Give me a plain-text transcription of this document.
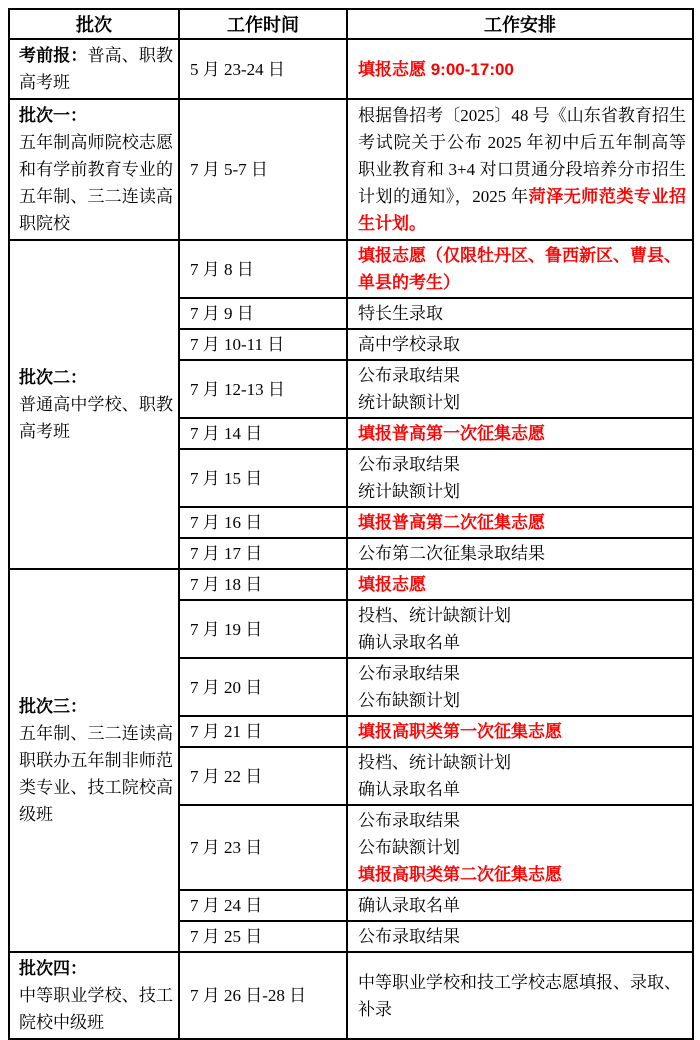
批次	工作时间	工作安排
考前报：普高、职教高考班	5 月 23-24 日	填报志愿 9:00-17:00

批次一：
五年制高师院校志愿和有学前教育专业的五年制、三二连读高职院校	7 月 5-7 日	根据鲁招考〔2025〕48 号《山东省教育招生考试院关于公布 2025 年初中后五年制高等职业教育和 3+4 对口贯通分段培养分市招生计划的通知》，2025 年菏泽无师范类专业招生计划。

批次二：
普通高中学校、职教高考班	7 月 8 日	填报志愿（仅限牡丹区、鲁西新区、曹县、单县的考生）

	7 月 9 日	特长生录取

	7 月 10-11 日	高中学校录取

	7 月 12-13 日	公布录取结果
统计缺额计划

	7 月 14 日	填报普高第一次征集志愿

	7 月 15 日	公布录取结果
统计缺额计划

	7 月 16 日	填报普高第二次征集志愿

	7 月 17 日	公布第二次征集录取结果

批次三：
五年制、三二连读高职联办五年制非师范类专业、技工院校高级班	7 月 18 日	填报志愿

	7 月 19 日	投档、统计缺额计划
确认录取名单

	7 月 20 日	公布录取结果
公布缺额计划

	7 月 21 日	填报高职类第一次征集志愿

	7 月 22 日	投档、统计缺额计划
确认录取名单

	7 月 23 日	公布录取结果
公布缺额计划
填报高职类第二次征集志愿

	7 月 24 日	确认录取名单

	7 月 25 日	公布录取结果

批次四：
中等职业学校、技工院校中级班	7 月 26 日-28 日	中等职业学校和技工学校志愿填报、录取、补录
